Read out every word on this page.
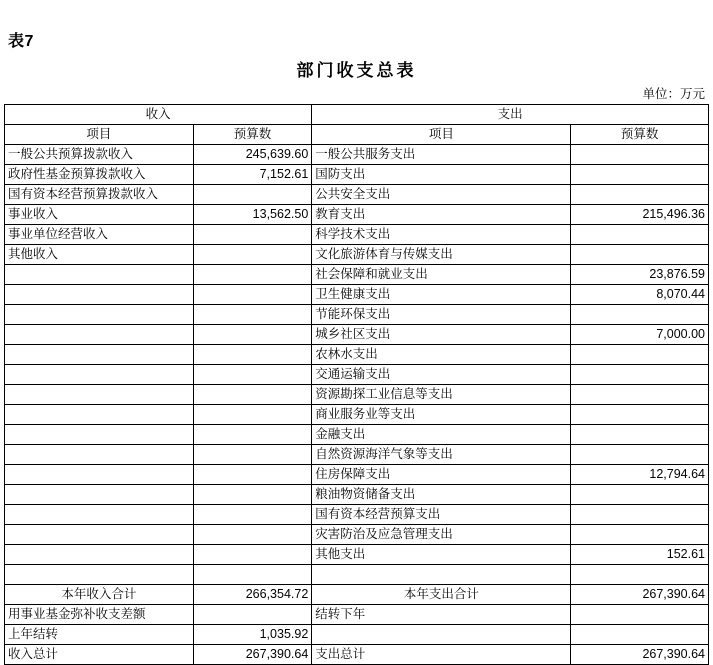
表7
部门收支总表
单位：万元
收入		支出	
项目	预算数	项目	预算数
一般公共预算拨款收入	245,639.60	一般公共服务支出	
政府性基金预算拨款收入	7,152.61	国防支出	
国有资本经营预算拨款收入		公共安全支出	
事业收入	13,562.50	教育支出	215,496.36
事业单位经营收入		科学技术支出	
其他收入		文化旅游体育与传媒支出	
		社会保障和就业支出	23,876.59
		卫生健康支出	8,070.44
		节能环保支出	
		城乡社区支出	7,000.00
		农林水支出	
		交通运输支出	
		资源勘探工业信息等支出	
		商业服务业等支出	
		金融支出	
		自然资源海洋气象等支出	
		住房保障支出	12,794.64
		粮油物资储备支出	
		国有资本经营预算支出	
		灾害防治及应急管理支出	
		其他支出	152.61

本年收入合计	266,354.72	本年支出合计	267,390.64
用事业基金弥补收支差额		结转下年	
上年结转	1,035.92		
收入总计	267,390.64	支出总计	267,390.64
